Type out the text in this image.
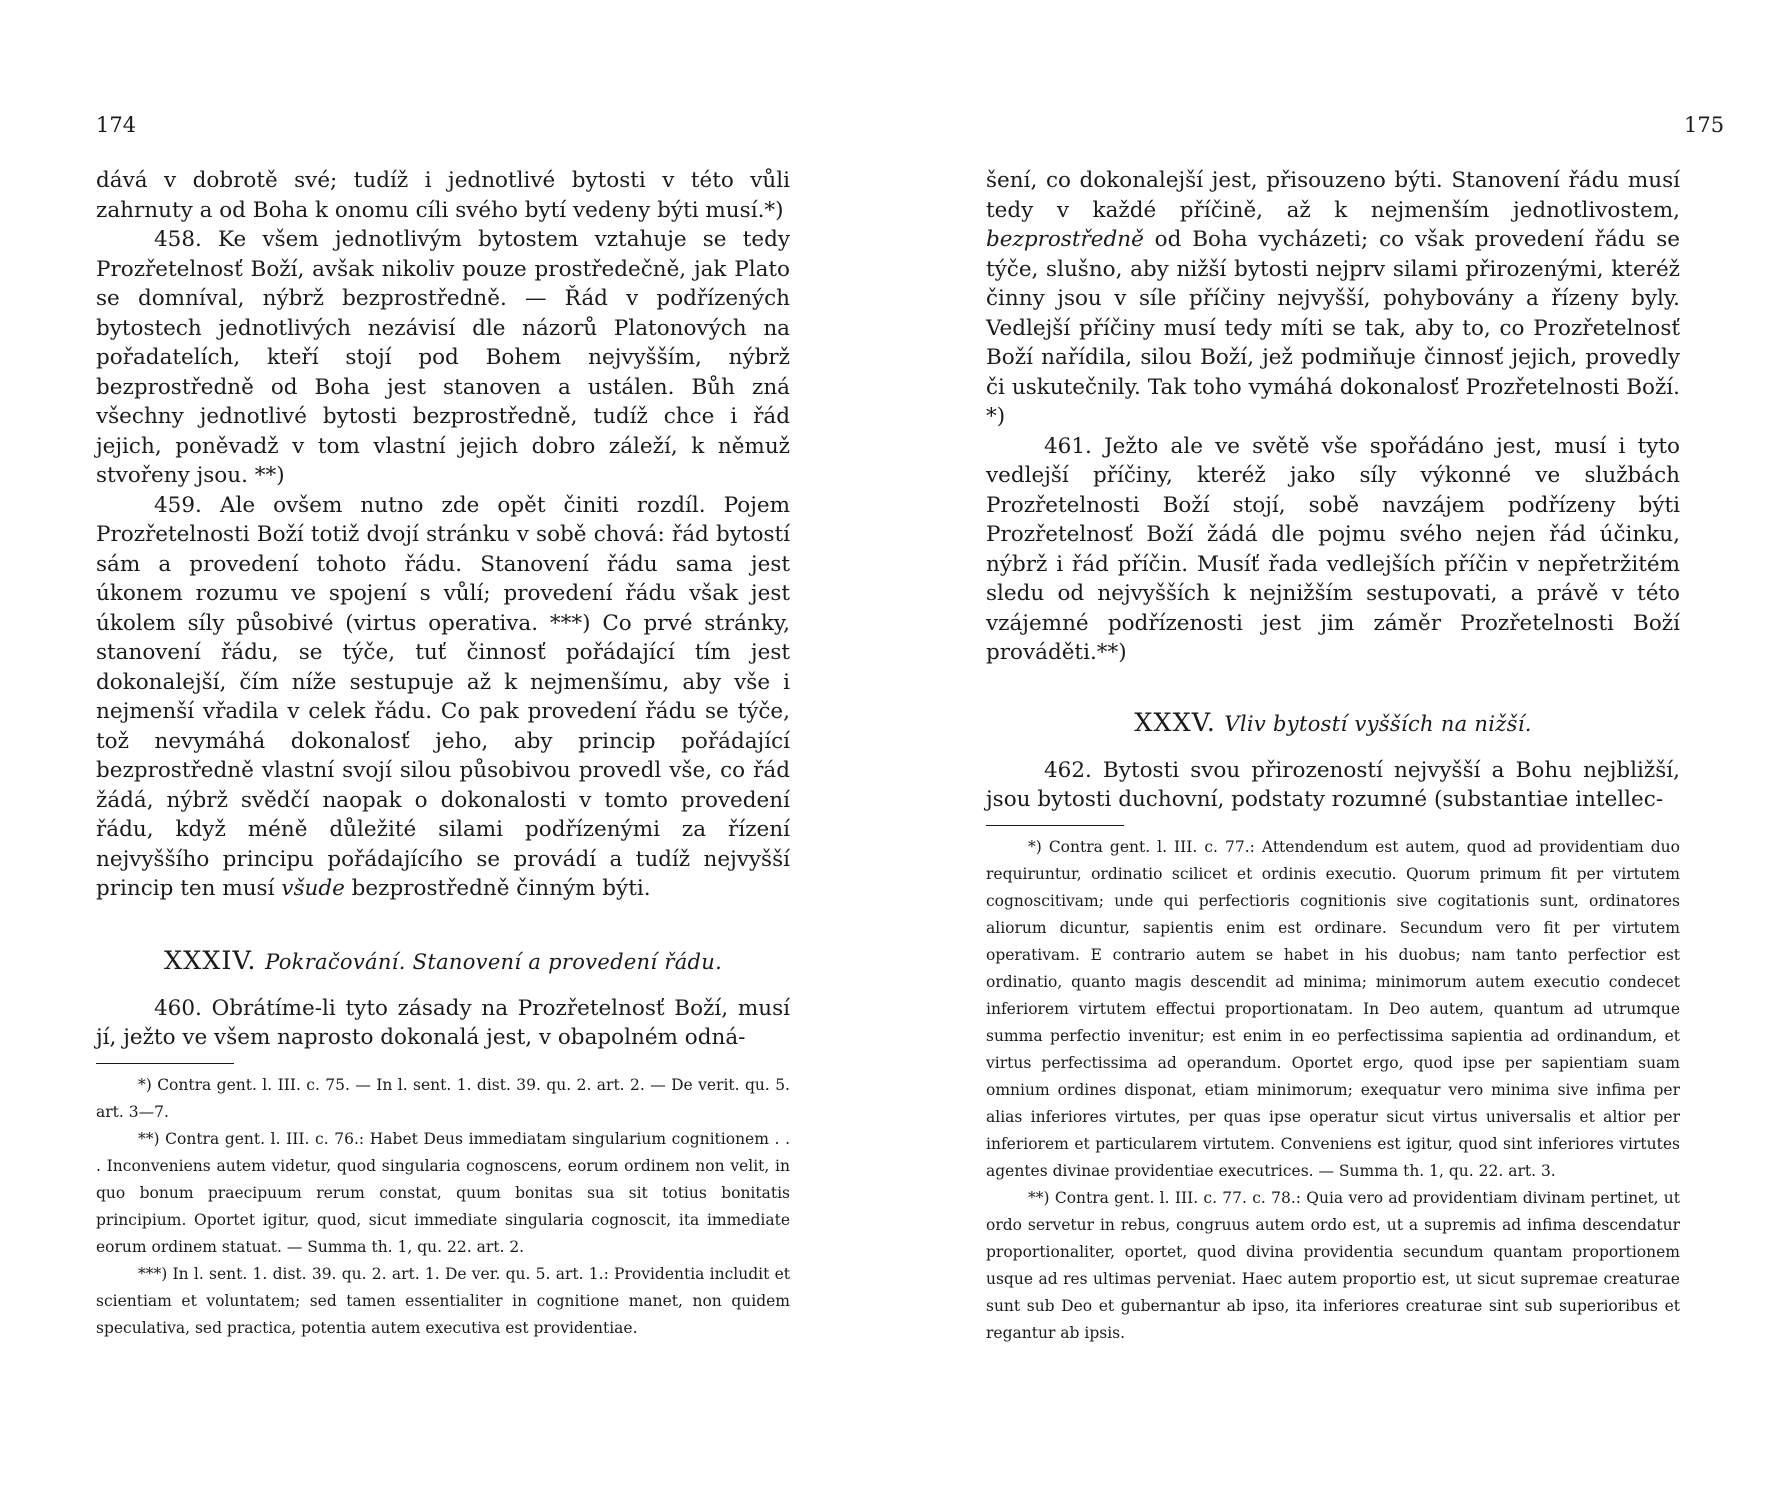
174

dává v dobrotě své; tudíž i jednotlivé bytosti v této vůli zahrnuty a od Boha k onomu cíli svého bytí vedeny býti musí.*)

458. Ke všem jednotlivým bytostem vztahuje se tedy Prozřetelnosť Boží, avšak nikoliv pouze prostředečně, jak Plato se domníval, nýbrž bezprostředně. — Řád v podřízených bytostech jednotlivých nezávisí dle názorů Platonových na pořadatelích, kteří stojí pod Bohem nejvyšším, nýbrž bezprostředně od Boha jest stanoven a ustálen. Bůh zná všechny jednotlivé bytosti bezprostředně, tudíž chce i řád jejich, poněvadž v tom vlastní jejich dobro záleží, k němuž stvořeny jsou. **)

459. Ale ovšem nutno zde opět činiti rozdíl. Pojem Prozřetelnosti Boží totiž dvojí stránku v sobě chová: řád bytostí sám a provedení tohoto řádu. Stanovení řádu sama jest úkonem rozumu ve spojení s vůlí; provedení řádu však jest úkolem síly působivé (virtus operativa. ***) Co prvé stránky, stanovení řádu, se týče, tuť činnosť pořádající tím jest dokonalejší, čím níže sestupuje až k nejmenšímu, aby vše i nejmenší vřadila v celek řádu. Co pak provedení řádu se týče, tož nevymáhá dokonalosť jeho, aby princip pořádající bezprostředně vlastní svojí silou působivou provedl vše, co řád žádá, nýbrž svědčí naopak o dokonalosti v tomto provedení řádu, když méně důležité silami podřízenými za řízení nejvyššího principu pořádajícího se provádí a tudíž nejvyšší princip ten musí všude bezprostředně činným býti.

XXXIV. Pokračování. Stanovení a provedení řádu.

460. Obrátíme-li tyto zásady na Prozřetelnosť Boží, musí jí, ježto ve všem naprosto dokonalá jest, v obapolném odná-

*) Contra gent. l. III. c. 75. — In l. sent. 1. dist. 39. qu. 2. art. 2. — De verit. qu. 5. art. 3—7.

**) Contra gent. l. III. c. 76.: Habet Deus immediatam singularium cognitionem . . . Inconveniens autem videtur, quod singularia cognoscens, eorum ordinem non velit, in quo bonum praecipuum rerum constat, quum bonitas sua sit totius bonitatis principium. Oportet igitur, quod, sicut immediate singularia cognoscit, ita immediate eorum ordinem statuat. — Summa th. 1, qu. 22. art. 2.

***) In l. sent. 1. dist. 39. qu. 2. art. 1. De ver. qu. 5. art. 1.: Providentia includit et scientiam et voluntatem; sed tamen essentialiter in cognitione manet, non quidem speculativa, sed practica, potentia autem executiva est providentiae.

175

šení, co dokonalejší jest, přisouzeno býti. Stanovení řádu musí tedy v každé příčině, až k nejmenším jednotlivostem, bezprostředně od Boha vycházeti; co však provedení řádu se týče, slušno, aby nižší bytosti nejprv silami přirozenými, kteréž činny jsou v síle příčiny nejvyšší, pohybovány a řízeny byly. Vedlejší příčiny musí tedy míti se tak, aby to, co Prozřetelnosť Boží nařídila, silou Boží, jež podmiňuje činnosť jejich, provedly či uskutečnily. Tak toho vymáhá dokonalosť Prozřetelnosti Boží. *)

461. Ježto ale ve světě vše spořádáno jest, musí i tyto vedlejší příčiny, kteréž jako síly výkonné ve službách Prozřetelnosti Boží stojí, sobě navzájem podřízeny býti Prozřetelnosť Boží žádá dle pojmu svého nejen řád účinku, nýbrž i řád příčin. Musíť řada vedlejších příčin v nepřetržitém sledu od nejvyšších k nejnižším sestupovati, a právě v této vzájemné podřízenosti jest jim záměr Prozřetelnosti Boží prováděti.**)

XXXV. Vliv bytostí vyšších na nižší.

462. Bytosti svou přirozeností nejvyšší a Bohu nejbližší, jsou bytosti duchovní, podstaty rozumné (substantiae intellec-

*) Contra gent. l. III. c. 77.: Attendendum est autem, quod ad providentiam duo requiruntur, ordinatio scilicet et ordinis executio. Quorum primum fit per virtutem cognoscitivam; unde qui perfectioris cognitionis sive cogitationis sunt, ordinatores aliorum dicuntur, sapientis enim est ordinare. Secundum vero fit per virtutem operativam. E contrario autem se habet in his duobus; nam tanto perfectior est ordinatio, quanto magis descendit ad minima; minimorum autem executio condecet inferiorem virtutem effectui proportionatam. In Deo autem, quantum ad utrumque summa perfectio invenitur; est enim in eo perfectissima sapientia ad ordinandum, et virtus perfectissima ad operandum. Oportet ergo, quod ipse per sapientiam suam omnium ordines disponat, etiam minimorum; exequatur vero minima sive infima per alias inferiores virtutes, per quas ipse operatur sicut virtus universalis et altior per inferiorem et particularem virtutem. Conveniens est igitur, quod sint inferiores virtutes agentes divinae providentiae executrices. — Summa th. 1, qu. 22. art. 3.

**) Contra gent. l. III. c. 77. c. 78.: Quia vero ad providentiam divinam pertinet, ut ordo servetur in rebus, congruus autem ordo est, ut a supremis ad infima descendatur proportionaliter, oportet, quod divina providentia secundum quantam proportionem usque ad res ultimas perveniat. Haec autem proportio est, ut sicut supremae creaturae sunt sub Deo et gubernantur ab ipso, ita inferiores creaturae sint sub superioribus et regantur ab ipsis.
